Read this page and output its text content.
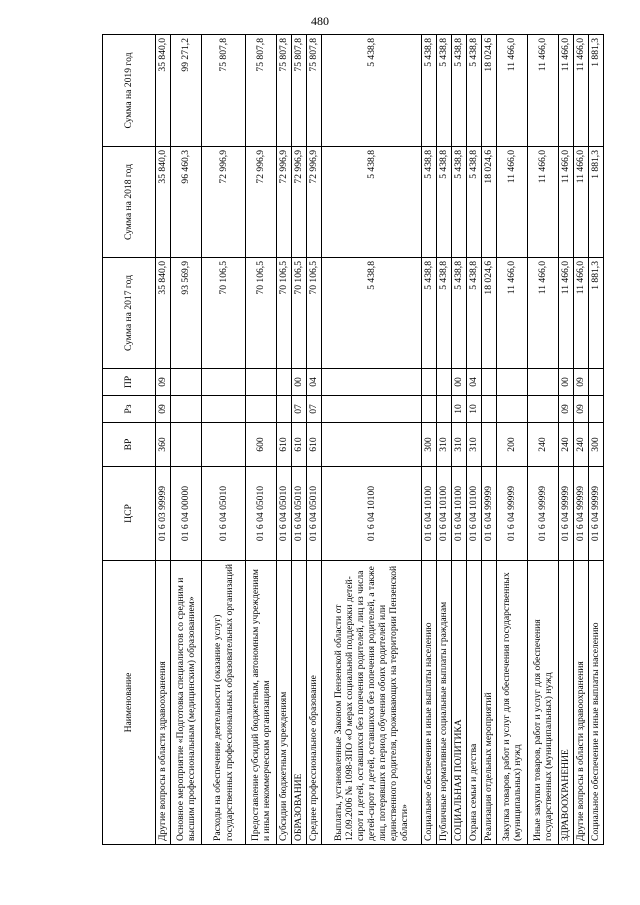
480
Наименование	ЦСР	ВР	Рз	ПР	Сумма на 2017 год	Сумма на 2018 год	Сумма на 2019 год
Другие вопросы в области здравоохранения	01 6 03 99999	360	09	09	35 840,0	35 840,0	35 840,0
Основное мероприятие «Подготовка специалистов со средним и высшим профессиональным (медицинским) образованием»	01 6 04 00000				93 569,9	96 460,3	99 271,2
Расходы на обеспечение деятельности (оказание услуг) государственных профессиональных образовательных организаций	01 6 04 05010				70 106,5	72 996,9	75 807,8
Предоставление субсидий бюджетным, автономным учреждениям и иным некоммерческим организациям	01 6 04 05010	600			70 106,5	72 996,9	75 807,8
Субсидии бюджетным учреждениям	01 6 04 05010	610			70 106,5	72 996,9	75 807,8
ОБРАЗОВАНИЕ	01 6 04 05010	610	07	00	70 106,5	72 996,9	75 807,8
Среднее профессиональное образование	01 6 04 05010	610	07	04	70 106,5	72 996,9	75 807,8
Выплаты, установленные Законом Пензенской области от 12.09.2006 № 1098-ЗПО «О мерах социальной поддержки детей-сирот и детей, оставшихся без попечения родителей, лиц из числа детей-сирот и детей, оставшихся без попечения родителей, а также лиц, потерявших в период обучения обоих родителей или единственного родителя, проживающих на территории Пензенской области»	01 6 04 10100				5 438,8	5 438,8	5 438,8
Социальное обеспечение и иные выплаты населению	01 6 04 10100	300			5 438,8	5 438,8	5 438,8
Публичные нормативные социальные выплаты гражданам	01 6 04 10100	310			5 438,8	5 438,8	5 438,8
СОЦИАЛЬНАЯ ПОЛИТИКА	01 6 04 10100	310	10	00	5 438,8	5 438,8	5 438,8
Охрана семьи и детства	01 6 04 10100	310	10	04	5 438,8	5 438,8	5 438,8
Реализация отдельных мероприятий	01 6 04 99999				18 024,6	18 024,6	18 024,6
Закупка товаров, работ и услуг для обеспечения государственных (муниципальных) нужд	01 6 04 99999	200			11 466,0	11 466,0	11 466,0
Иные закупки товаров, работ и услуг для обеспечения государственных (муниципальных) нужд	01 6 04 99999	240			11 466,0	11 466,0	11 466,0
ЗДРАВООХРАНЕНИЕ	01 6 04 99999	240	09	00	11 466,0	11 466,0	11 466,0
Другие вопросы в области здравоохранения	01 6 04 99999	240	09	09	11 466,0	11 466,0	11 466,0
Социальное обеспечение и иные выплаты населению	01 6 04 99999	300			1 881,3	1 881,3	1 881,3
